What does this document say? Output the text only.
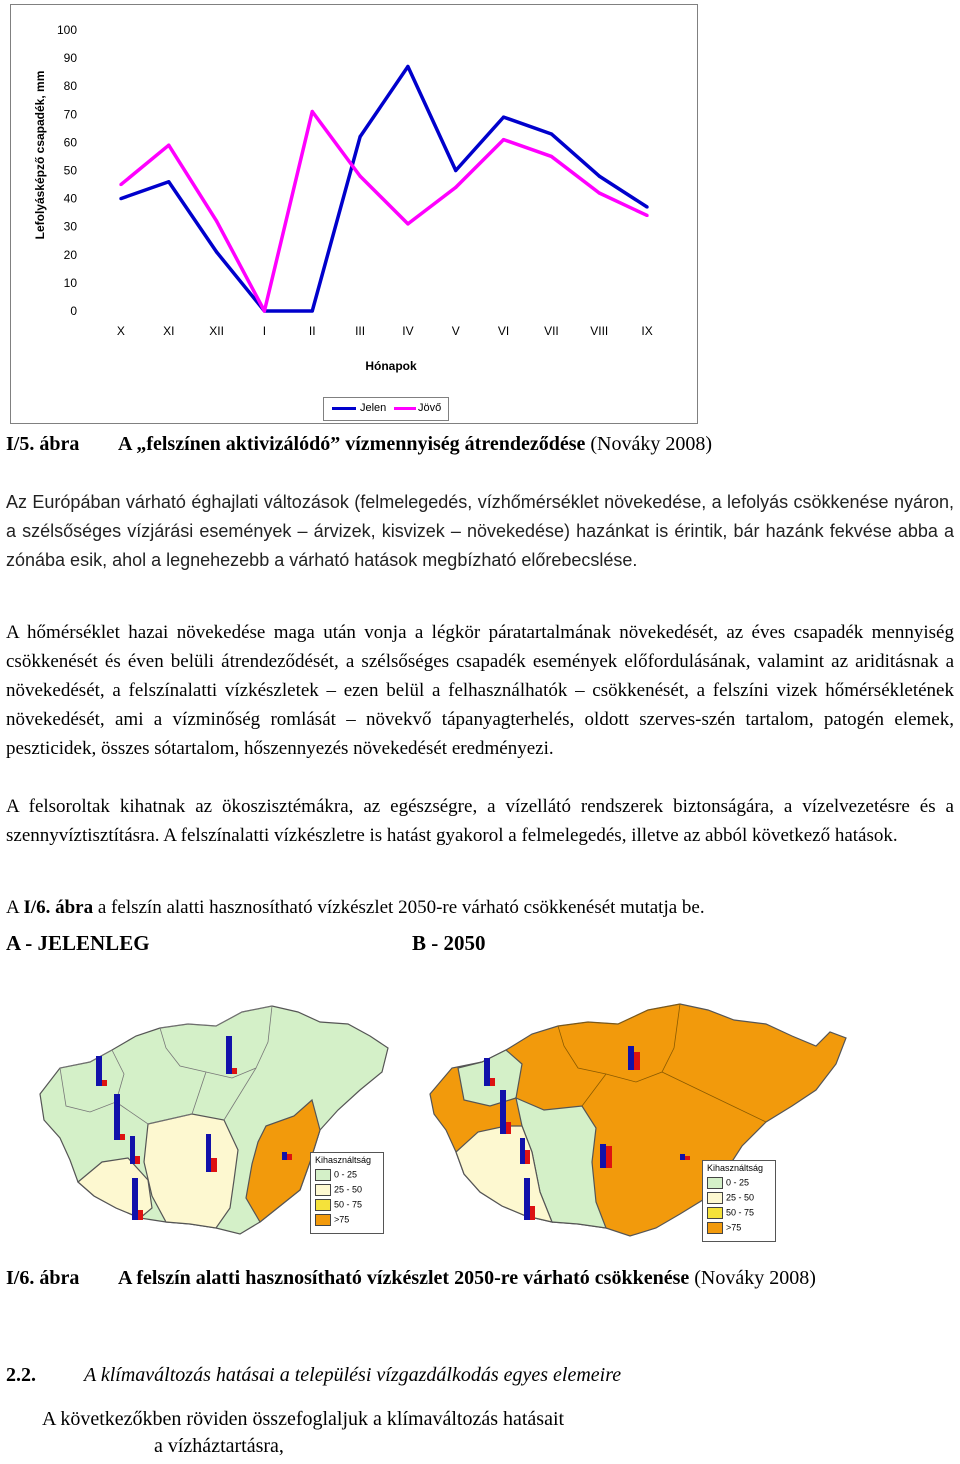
0
10
20
30
40
50
60
70
80
90
100
X	XI	XII	I	II	III	IV	V	VI	VII	VIII	IX
Lefolyásképző csapadék, mm
Hónapok
Jelen	Jövő
I/5. ábra A „felszínen aktivizálódó” vízmennyiség átrendeződése (Nováky 2008)
Az Európában várható éghajlati változások (felmelegedés, vízhőmérséklet növekedése, a lefolyás csökkenése nyáron, a szélsőséges vízjárási események – árvizek, kisvizek – növekedése) hazánkat is érintik, bár hazánk fekvése abba a zónába esik, ahol a legnehezebb a várható hatások megbízható előrebecslése.
A hőmérséklet hazai növekedése maga után vonja a légkör páratartalmának növekedését, az éves csapadék mennyiség csökkenését és éven belüli átrendeződését, a szélsőséges csapadék események előfordulásának, valamint az ariditásnak a növekedését, a felszínalatti vízkészletek – ezen belül a felhasználhatók – csökkenését, a felszíni vizek hőmérsékletének növekedését, ami a vízminőség romlását – növekvő tápanyagterhelés, oldott szerves-szén tartalom, patogén elemek, peszticidek, összes sótartalom, hőszennyezés növekedését eredményezi.
A felsoroltak kihatnak az ökoszisztémákra, az egészségre, a vízellátó rendszerek biztonságára, a vízelvezetésre és a szennyvíztisztításra. A felszínalatti vízkészletre is hatást gyakorol a felmelegedés, illetve az abból következő hatások.
A I/6. ábra a felszín alatti hasznosítható vízkészlet 2050-re várható csökkenését mutatja be.
A - JELENLEG	B - 2050
Kihasználtság
0 - 25
25 - 50
50 - 75
>75
Kihasználtság
0 - 25
25 - 50
50 - 75
>75
I/6. ábra	A felszín alatti hasznosítható vízkészlet 2050-re várható csökkenése (Nováky 2008)
2.2. A klímaváltozás hatásai a települési vízgazdálkodás egyes elemeire
A következőkben röviden összefoglaljuk a klímaváltozás hatásait
a vízháztartásra,
